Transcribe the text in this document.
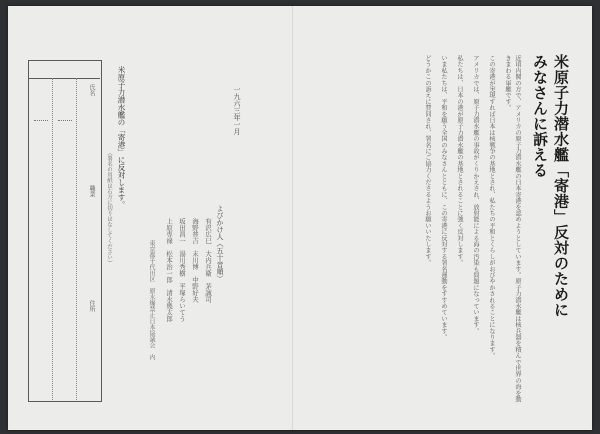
米原子力潜水艦「寄港」反対のために
みなさんに訴える

近頃内閣の方で、アメリカの原子力潜水艦の日本寄港を認めようとしています。原子力潜水艦は核兵器を積んで世界の海を動きまわる軍艦です。

この寄港が実現すれば日本は核戦争の基地とされ、私たちの平和とくらしがおびやかされることになります。

アメリカでは、原子力潜水艦の事故がくりかえされ、放射能による海の汚染も問題になっています。

私たちは、日本の港が原子力潜水艦の基地とされることに強く反対します。

いま私たちは、平和を願う全国のみなさんとともに、この寄港に反対する署名運動をすすめています。

どうかこの訴えに賛同され、署名にご協力くださるようお願いいたします。

一九六三年一月
よびかけ人（五十音順）
有沢広巳　大内兵衛　茅誠司
海野普吉　末川博　中野好夫
坂田昌一　湯川秀樹　平塚らいてう
上原専禄　松本治一郎　清水幾太郎
東京都千代田区　原水爆禁止日本協議会　内
米原子力潜水艦の「寄港」に反対します。
（署名の用紙は右方に切りはなしてください）
氏名
職業
住所
